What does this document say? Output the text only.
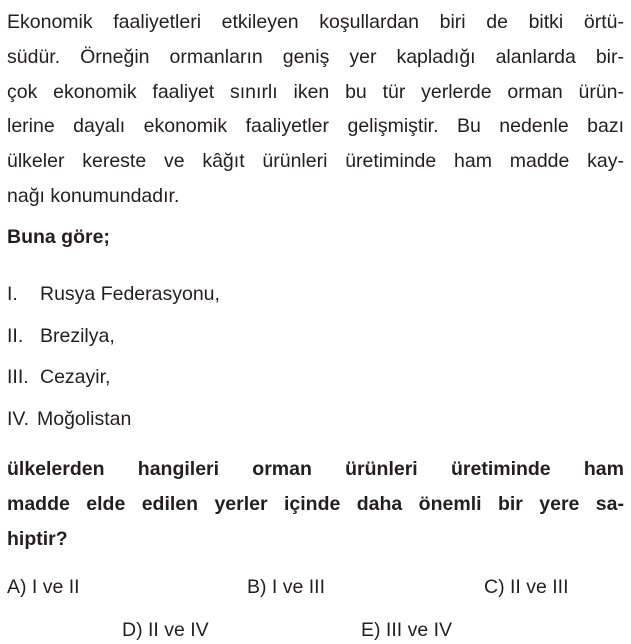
Ekonomik faaliyetleri etkileyen koşullardan biri de bitki örtü-
südür. Örneğin ormanların geniş yer kapladığı alanlarda bir-
çok ekonomik faaliyet sınırlı iken bu tür yerlerde orman ürün-
lerine dayalı ekonomik faaliyetler gelişmiştir. Bu nedenle bazı
ülkeler kereste ve kâğıt ürünleri üretiminde ham madde kay-
nağı konumundadır.

Buna göre;

I. Rusya Federasyonu,
II. Brezilya,
III. Cezayir,
IV. Moğolistan

ülkelerden hangileri orman ürünleri üretiminde ham
madde elde edilen yerler içinde daha önemli bir yere sa-
hiptir?

A) I ve II	B) I ve III	C) II ve III
D) II ve IV	E) III ve IV
